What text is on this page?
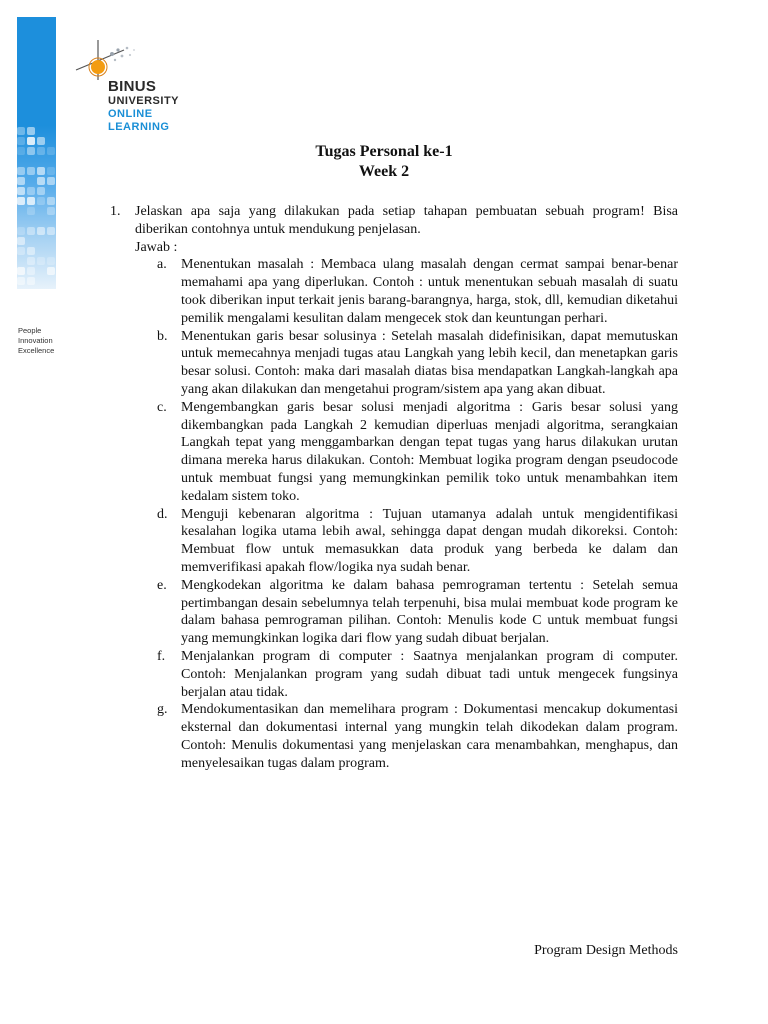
People
Innovation
Excellence
BINUS
UNIVERSITY
ONLINE
LEARNING
Tugas Personal ke-1
Week 2
1. Jelaskan apa saja yang dilakukan pada setiap tahapan pembuatan sebuah program! Bisa diberikan contohnya untuk mendukung penjelasan.
Jawab :
a. Menentukan masalah : Membaca ulang masalah dengan cermat sampai benar-benar memahami apa yang diperlukan. Contoh : untuk menentukan sebuah masalah di suatu took diberikan input terkait jenis barang-barangnya, harga, stok, dll, kemudian diketahui pemilik mengalami kesulitan dalam mengecek stok dan keuntungan perhari.
b. Menentukan garis besar solusinya : Setelah masalah didefinisikan, dapat memutuskan untuk memecahnya menjadi tugas atau Langkah yang lebih kecil, dan menetapkan garis besar solusi. Contoh: maka dari masalah diatas bisa mendapatkan Langkah-langkah apa yang akan dilakukan dan mengetahui program/sistem apa yang akan dibuat.
c. Mengembangkan garis besar solusi menjadi algoritma : Garis besar solusi yang dikembangkan pada Langkah 2 kemudian diperluas menjadi algoritma, serangkaian Langkah tepat yang menggambarkan dengan tepat tugas yang harus dilakukan urutan dimana mereka harus dilakukan. Contoh: Membuat logika program dengan pseudocode untuk membuat fungsi yang memungkinkan pemilik toko untuk menambahkan item kedalam sistem toko.
d. Menguji kebenaran algoritma : Tujuan utamanya adalah untuk mengidentifikasi kesalahan logika utama lebih awal, sehingga dapat dengan mudah dikoreksi. Contoh: Membuat flow untuk memasukkan data produk yang berbeda ke dalam dan memverifikasi apakah flow/logika nya sudah benar.
e. Mengkodekan algoritma ke dalam bahasa pemrograman tertentu : Setelah semua pertimbangan desain sebelumnya telah terpenuhi, bisa mulai membuat kode program ke dalam bahasa pemrograman pilihan. Contoh: Menulis kode C untuk membuat fungsi yang memungkinkan logika dari flow yang sudah dibuat berjalan.
f. Menjalankan program di computer : Saatnya menjalankan program di computer. Contoh: Menjalankan program yang sudah dibuat tadi untuk mengecek fungsinya berjalan atau tidak.
g. Mendokumentasikan dan memelihara program : Dokumentasi mencakup dokumentasi eksternal dan dokumentasi internal yang mungkin telah dikodekan dalam program. Contoh: Menulis dokumentasi yang menjelaskan cara menambahkan, menghapus, dan menyelesaikan tugas dalam program.
Program Design Methods
